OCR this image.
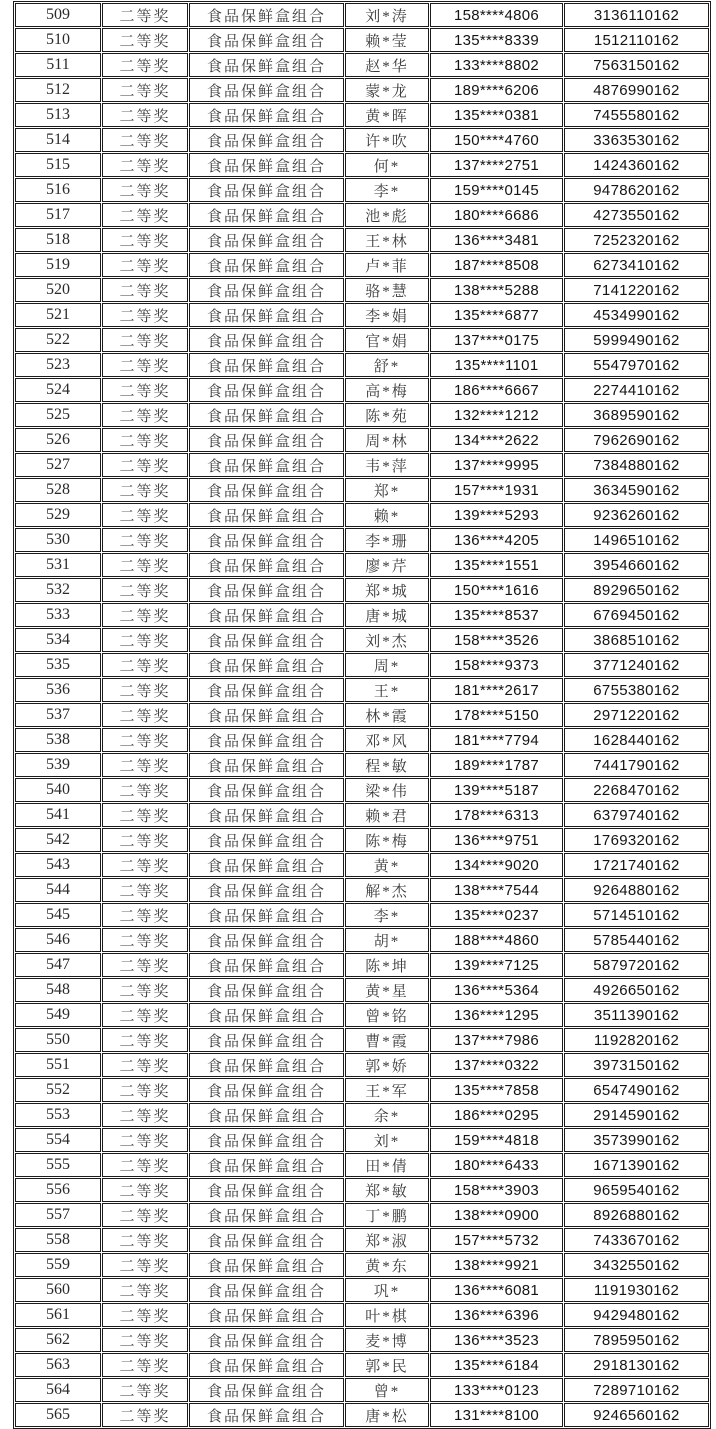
509	二等奖	食品保鲜盒组合	刘*涛	158****4806	3136110162
510	二等奖	食品保鲜盒组合	赖*莹	135****8339	1512110162
511	二等奖	食品保鲜盒组合	赵*华	133****8802	7563150162
512	二等奖	食品保鲜盒组合	蒙*龙	189****6206	4876990162
513	二等奖	食品保鲜盒组合	黄*晖	135****0381	7455580162
514	二等奖	食品保鲜盒组合	许*吹	150****4760	3363530162
515	二等奖	食品保鲜盒组合	何*	137****2751	1424360162
516	二等奖	食品保鲜盒组合	李*	159****0145	9478620162
517	二等奖	食品保鲜盒组合	池*彪	180****6686	4273550162
518	二等奖	食品保鲜盒组合	王*林	136****3481	7252320162
519	二等奖	食品保鲜盒组合	卢*菲	187****8508	6273410162
520	二等奖	食品保鲜盒组合	骆*慧	138****5288	7141220162
521	二等奖	食品保鲜盒组合	李*娟	135****6877	4534990162
522	二等奖	食品保鲜盒组合	官*娟	137****0175	5999490162
523	二等奖	食品保鲜盒组合	舒*	135****1101	5547970162
524	二等奖	食品保鲜盒组合	高*梅	186****6667	2274410162
525	二等奖	食品保鲜盒组合	陈*苑	132****1212	3689590162
526	二等奖	食品保鲜盒组合	周*林	134****2622	7962690162
527	二等奖	食品保鲜盒组合	韦*萍	137****9995	7384880162
528	二等奖	食品保鲜盒组合	郑*	157****1931	3634590162
529	二等奖	食品保鲜盒组合	赖*	139****5293	9236260162
530	二等奖	食品保鲜盒组合	李*珊	136****4205	1496510162
531	二等奖	食品保鲜盒组合	廖*芹	135****1551	3954660162
532	二等奖	食品保鲜盒组合	郑*城	150****1616	8929650162
533	二等奖	食品保鲜盒组合	唐*城	135****8537	6769450162
534	二等奖	食品保鲜盒组合	刘*杰	158****3526	3868510162
535	二等奖	食品保鲜盒组合	周*	158****9373	3771240162
536	二等奖	食品保鲜盒组合	王*	181****2617	6755380162
537	二等奖	食品保鲜盒组合	林*霞	178****5150	2971220162
538	二等奖	食品保鲜盒组合	邓*风	181****7794	1628440162
539	二等奖	食品保鲜盒组合	程*敏	189****1787	7441790162
540	二等奖	食品保鲜盒组合	梁*伟	139****5187	2268470162
541	二等奖	食品保鲜盒组合	赖*君	178****6313	6379740162
542	二等奖	食品保鲜盒组合	陈*梅	136****9751	1769320162
543	二等奖	食品保鲜盒组合	黄*	134****9020	1721740162
544	二等奖	食品保鲜盒组合	解*杰	138****7544	9264880162
545	二等奖	食品保鲜盒组合	李*	135****0237	5714510162
546	二等奖	食品保鲜盒组合	胡*	188****4860	5785440162
547	二等奖	食品保鲜盒组合	陈*坤	139****7125	5879720162
548	二等奖	食品保鲜盒组合	黄*星	136****5364	4926650162
549	二等奖	食品保鲜盒组合	曾*铭	136****1295	3511390162
550	二等奖	食品保鲜盒组合	曹*霞	137****7986	1192820162
551	二等奖	食品保鲜盒组合	郭*娇	137****0322	3973150162
552	二等奖	食品保鲜盒组合	王*军	135****7858	6547490162
553	二等奖	食品保鲜盒组合	余*	186****0295	2914590162
554	二等奖	食品保鲜盒组合	刘*	159****4818	3573990162
555	二等奖	食品保鲜盒组合	田*倩	180****6433	1671390162
556	二等奖	食品保鲜盒组合	郑*敏	158****3903	9659540162
557	二等奖	食品保鲜盒组合	丁*鹏	138****0900	8926880162
558	二等奖	食品保鲜盒组合	郑*淑	157****5732	7433670162
559	二等奖	食品保鲜盒组合	黄*东	138****9921	3432550162
560	二等奖	食品保鲜盒组合	巩*	136****6081	1191930162
561	二等奖	食品保鲜盒组合	叶*棋	136****6396	9429480162
562	二等奖	食品保鲜盒组合	麦*博	136****3523	7895950162
563	二等奖	食品保鲜盒组合	郭*民	135****6184	2918130162
564	二等奖	食品保鲜盒组合	曾*	133****0123	7289710162
565	二等奖	食品保鲜盒组合	唐*松	131****8100	9246560162
